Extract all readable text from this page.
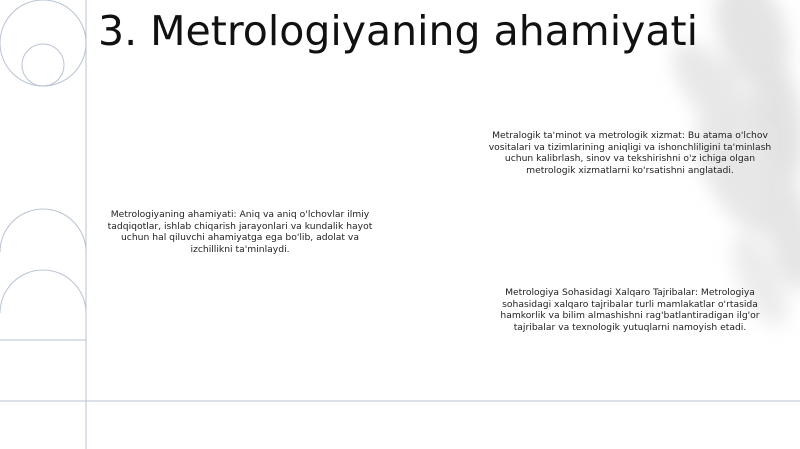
3. Metrologiyaning ahamiyati

Metrologiyaning ahamiyati: Aniq va aniq o'lchovlar ilmiy tadqiqotlar, ishlab chiqarish jarayonlari va kundalik hayot uchun hal qiluvchi ahamiyatga ega bo'lib, adolat va izchillikni ta'minlaydi.

Metralogik ta'minot va metrologik xizmat: Bu atama o'lchov vositalari va tizimlarining aniqligi va ishonchliligini ta'minlash uchun kalibrlash, sinov va tekshirishni o'z ichiga olgan metrologik xizmatlarni ko'rsatishni anglatadi.

Metrologiya Sohasidagi Xalqaro Tajribalar: Metrologiya sohasidagi xalqaro tajribalar turli mamlakatlar o'rtasida hamkorlik va bilim almashishni rag'batlantiradigan ilg'or tajribalar va texnologik yutuqlarni namoyish etadi.
